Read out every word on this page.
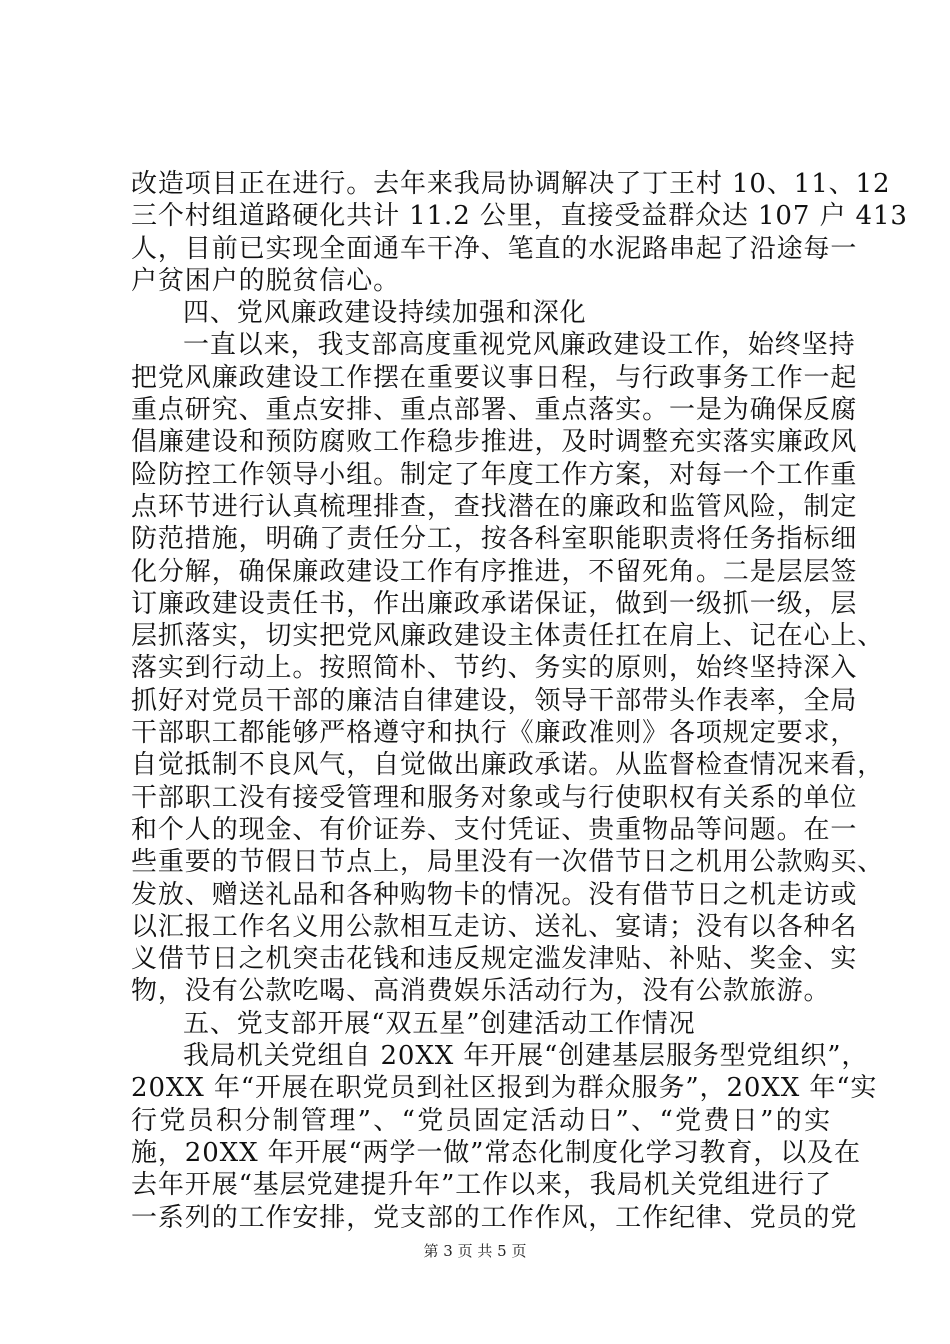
改造项目正在进行。去年来我局协调解决了丁王村 10、11、12
三个村组道路硬化共计 11.2 公里，直接受益群众达 107 户 413
人，目前已实现全面通车干净、笔直的水泥路串起了沿途每一
户贫困户的脱贫信心。
四、党风廉政建设持续加强和深化
一直以来，我支部高度重视党风廉政建设工作，始终坚持
把党风廉政建设工作摆在重要议事日程，与行政事务工作一起
重点研究、重点安排、重点部署、重点落实。一是为确保反腐
倡廉建设和预防腐败工作稳步推进，及时调整充实落实廉政风
险防控工作领导小组。制定了年度工作方案，对每一个工作重
点环节进行认真梳理排查，查找潜在的廉政和监管风险，制定
防范措施，明确了责任分工，按各科室职能职责将任务指标细
化分解，确保廉政建设工作有序推进，不留死角。二是层层签
订廉政建设责任书，作出廉政承诺保证，做到一级抓一级，层
层抓落实，切实把党风廉政建设主体责任扛在肩上、记在心上、
落实到行动上。按照简朴、节约、务实的原则，始终坚持深入
抓好对党员干部的廉洁自律建设，领导干部带头作表率，全局
干部职工都能够严格遵守和执行《廉政准则》各项规定要求，
自觉抵制不良风气，自觉做出廉政承诺。从监督检查情况来看，
干部职工没有接受管理和服务对象或与行使职权有关系的单位
和个人的现金、有价证券、支付凭证、贵重物品等问题。在一
些重要的节假日节点上，局里没有一次借节日之机用公款购买、
发放、赠送礼品和各种购物卡的情况。没有借节日之机走访或
以汇报工作名义用公款相互走访、送礼、宴请；没有以各种名
义借节日之机突击花钱和违反规定滥发津贴、补贴、奖金、实
物，没有公款吃喝、高消费娱乐活动行为，没有公款旅游。
五、党支部开展“双五星”创建活动工作情况
我局机关党组自 20XX 年开展“创建基层服务型党组织”，
20XX 年“开展在职党员到社区报到为群众服务”，20XX 年“实
行党员积分制管理”、“党员固定活动日”、“党费日”的实
施，20XX 年开展“两学一做”常态化制度化学习教育，以及在
去年开展“基层党建提升年”工作以来，我局机关党组进行了
一系列的工作安排，党支部的工作作风，工作纪律、党员的党
第 3 页 共 5 页
